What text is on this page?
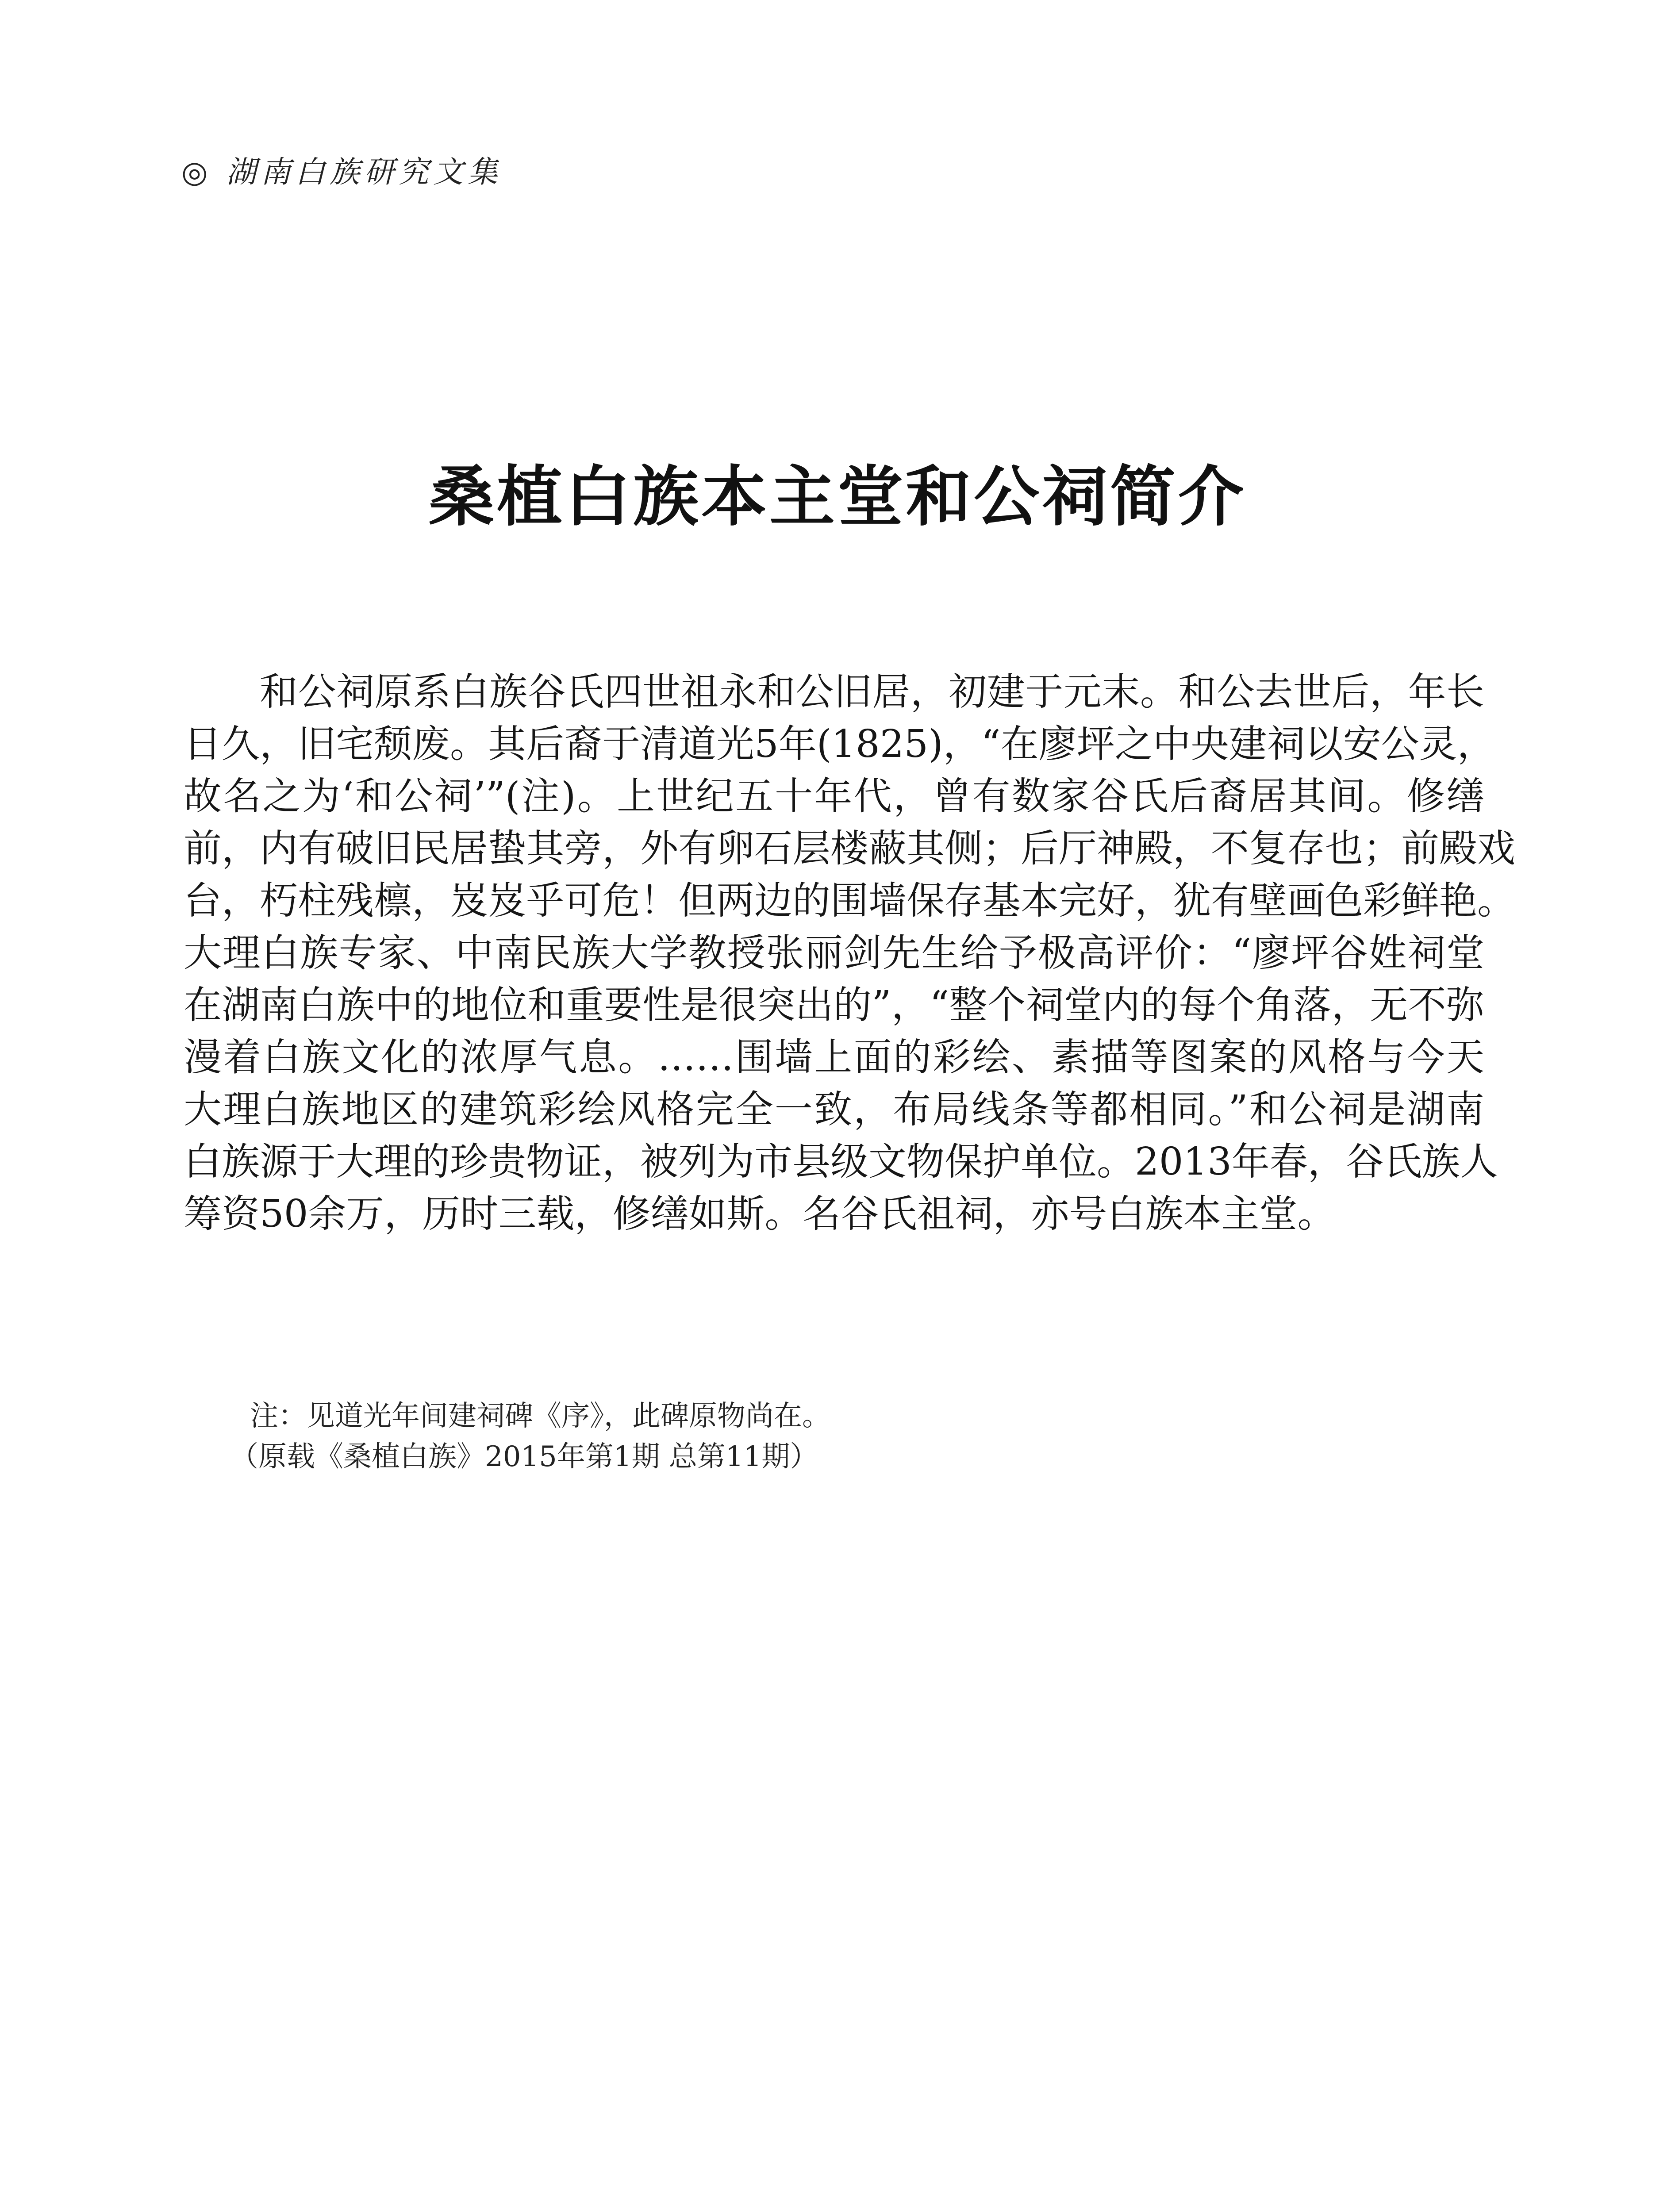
◎ 湖南白族研究文集
桑植白族本主堂和公祠简介
和公祠原系白族谷氏四世祖永和公旧居，初建于元末。和公去世后，年长
日久，旧宅颓废。其后裔于清道光5年(1825)，“在廖坪之中央建祠以安公灵，
故名之为‘和公祠’”(注)。上世纪五十年代，曾有数家谷氏后裔居其间。修缮
前，内有破旧民居蛰其旁，外有卵石层楼蔽其侧；后厅神殿，不复存也；前殿戏
台，朽柱残檩，岌岌乎可危！但两边的围墙保存基本完好，犹有壁画色彩鲜艳。
大理白族专家、中南民族大学教授张丽剑先生给予极高评价：“廖坪谷姓祠堂
在湖南白族中的地位和重要性是很突出的”，“整个祠堂内的每个角落，无不弥
漫着白族文化的浓厚气息。……围墙上面的彩绘、素描等图案的风格与今天
大理白族地区的建筑彩绘风格完全一致，布局线条等都相同。”和公祠是湖南
白族源于大理的珍贵物证，被列为市县级文物保护单位。2013年春，谷氏族人
筹资50余万，历时三载，修缮如斯。名谷氏祖祠，亦号白族本主堂。
注：见道光年间建祠碑《序》，此碑原物尚在。
（原载《桑植白族》2015年第1期 总第11期）
